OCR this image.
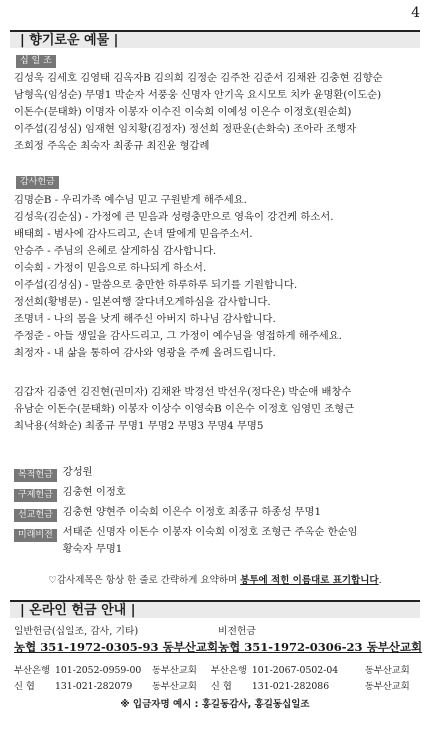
4
| 향기로운 예물 |
십 일 조
김성욱 김세호 김영태 김옥자B 김의희 김정순 김주찬 김준서 김채완 김충현 김향순
남형옥(임성순) 무명1 박순자 서풍웅 신명자 안기옥 요시모토 치카 윤명환(이도순)
이돈수(문태화) 이명자 이봉자 이수진 이숙희 이예성 이은수 이정호(원순희)
이주섭(김성심) 임재현 임치황(김정자) 정선희 정판운(손화숙) 조아라 조행자
조희정 주옥순 최숙자 최종규 최진윤 형갑례
감사헌금
김명순B - 우리가족 예수님 믿고 구원받게 해주세요.
김성욱(김순심) - 가정에 큰 믿음과 성령충만으로 영육이 강건케 하소서.
배태희 - 범사에 감사드리고, 손녀 딸에게 믿음주소서.
안승주 - 주님의 은혜로 살게하심 감사합니다.
이숙희 - 가정이 믿음으로 하나되게 하소서.
이주섭(김성심) - 말씀으로 충만한 하루하루 되기를 기원합니다.
정선희(황병문) - 일본여행 잘다녀오게하심을 감사합니다.
조명녀 - 나의 몸을 낫게 해주신 아버지 하나님 감사합니다.
주정준 - 아들 생일을 감사드리고, 그 가정이 예수님을 영접하게 해주세요.
최정자 - 내 삶을 통하여 감사와 영광을 주께 올려드립니다.
김갑자 김중연 김진현(권미자) 김채완 박경선 박선우(정다은) 박순애 배창수
유남순 이돈수(문태화) 이봉자 이상수 이영숙B 이은수 이정호 임영민 조형근
최낙용(석화순) 최종규 무명1 무명2 무명3 무명4 무명5
목적헌금 강성원
구제헌금 김충현 이정호
선교헌금 김충현 양현주 이숙희 이은수 이정호 최종규 하종성 무명1
미래비전 서태준 신명자 이돈수 이봉자 이숙희 이정호 조형근 주옥순 한순임
황숙자 무명1
♡감사제목은 항상 한 줄로 간략하게 요약하며 봉투에 적힌 이름대로 표기합니다.
| 온라인 헌금 안내 |
일반헌금(십일조, 감사, 기타)
농협 351-1972-0305-93 동부산교회
비전헌금
농협 351-1972-0306-23 동부산교회
부산은행 101-2052-0959-00 동부산교회 부산은행 101-2067-0502-04	동부산교회
신 협 131-021-282079 동부산교회 신 협 131-021-282086	동부산교회
※ 입금자명 예시 : 홍길동감사, 홍길동십일조
